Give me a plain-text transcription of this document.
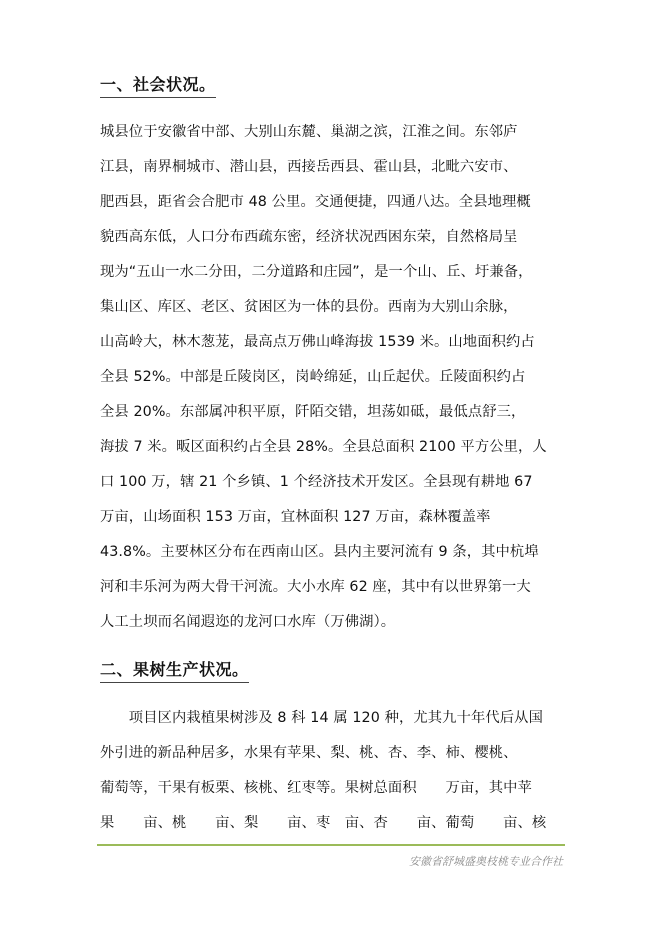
一、社会状况。
城县位于安徽省中部、大别山东麓、巢湖之滨，江淮之间。东邻庐
江县，南界桐城市、潜山县，西接岳西县、霍山县，北毗六安市、
肥西县，距省会合肥市 48 公里。交通便捷，四通八达。全县地理概
貌西高东低，人口分布西疏东密，经济状况西困东荣，自然格局呈
现为“五山一水二分田，二分道路和庄园”，是一个山、丘、圩兼备，
集山区、库区、老区、贫困区为一体的县份。西南为大别山余脉，
山高岭大，林木葱茏，最高点万佛山峰海拔 1539 米。山地面积约占
全县 52%。中部是丘陵岗区，岗岭绵延，山丘起伏。丘陵面积约占
全县 20%。东部属冲积平原，阡陌交错，坦荡如砥，最低点舒三，
海拔 7 米。畈区面积约占全县 28%。全县总面积 2100 平方公里，人
口 100 万，辖 21 个乡镇、1 个经济技术开发区。全县现有耕地 67
万亩，山场面积 153 万亩，宜林面积 127 万亩，森林覆盖率
43.8%。主要林区分布在西南山区。县内主要河流有 9 条，其中杭埠
河和丰乐河为两大骨干河流。大小水库 62 座，其中有以世界第一大
人工土坝而名闻遐迩的龙河口水库（万佛湖）。
二、果树生产状况。
　　项目区内栽植果树涉及 8 科 14 属 120 种，尤其九十年代后从国
外引进的新品种居多，水果有苹果、梨、桃、杏、李、柿、樱桃、
葡萄等，干果有板栗、核桃、红枣等。果树总面积　　万亩，其中苹
果　　亩、桃　　亩、梨　　亩、枣　亩、杏　　亩、葡萄　　亩、核
安徽省舒城盛奥枝桃专业合作社
